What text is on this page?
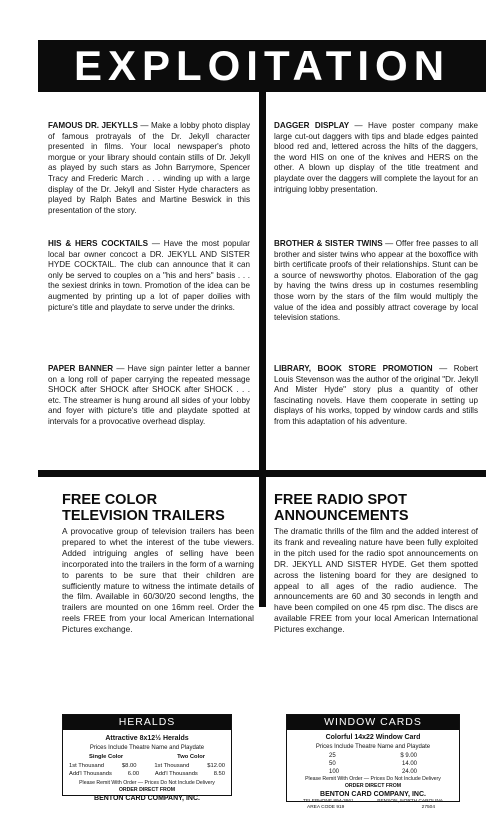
EXPLOITATION
FAMOUS DR. JEKYLLS — Make a lobby photo display of famous protrayals of the Dr. Jekyll character presented in films. Your local newspaper's photo morgue or your library should contain stills of Dr. Jekyll as played by such stars as John Barrymore, Spencer Tracy and Frederic March . . . winding up with a large display of the Dr. Jekyll and Sister Hyde characters as played by Ralph Bates and Martine Beswick in this presentation of the story.
HIS & HERS COCKTAILS — Have the most popular local bar owner concoct a DR. JEKYLL AND SISTER HYDE COCKTAIL. The club can announce that it can only be served to couples on a "his and hers" basis . . . the sexiest drinks in town. Promotion of the idea can be augmented by printing up a lot of paper doilies with picture's title and playdate to serve under the drinks.
PAPER BANNER — Have sign painter letter a banner on a long roll of paper carrying the repeated message SHOCK after SHOCK after SHOCK after SHOCK . . . etc. The streamer is hung around all sides of your lobby and foyer with picture's title and playdate spotted at intervals for a provocative overhead display.
DAGGER DISPLAY — Have poster company make large cut-out daggers with tips and blade edges painted blood red and, lettered across the hilts of the daggers, the word HIS on one of the knives and HERS on the other. A blown up display of the title treatment and playdate over the daggers will complete the layout for an intriguing lobby presentation.
BROTHER & SISTER TWINS — Offer free passes to all brother and sister twins who appear at the boxoffice with birth certificate proofs of their relationships. Stunt can be a source of newsworthy photos. Elaboration of the gag by having the twins dress up in costumes resembling those worn by the stars of the film would multiply the value of the idea and possibly attract coverage by local television stations.
LIBRARY, BOOK STORE PROMOTION — Robert Louis Stevenson was the author of the original "Dr. Jekyll And Mister Hyde" story plus a quantity of other fascinating novels. Have them cooperate in setting up displays of his works, topped by window cards and stills from this adaptation of his adventure.
FREE COLOR
TELEVISION TRAILERS
A provocative group of television trailers has been prepared to whet the interest of the tube viewers. Added intriguing angles of selling have been incorporated into the trailers in the form of a warning to parents to be sure that their children are sufficiently mature to witness the intimate details of the film. Available in 60/30/20 second lengths, the trailers are mounted on one 16mm reel. Order the reels FREE from your local American International Pictures exchange.
FREE RADIO SPOT
ANNOUNCEMENTS
The dramatic thrills of the film and the added interest of its frank and revealing nature have been fully exploited in the pitch used for the radio spot announcements on DR. JEKYLL AND SISTER HYDE. Get them spotted across the listening board for they are designed to appeal to all ages of the radio audience. The announcements are 60 and 30 seconds in length and have been compiled on one 45 rpm disc. The discs are available FREE from your local American International Pictures exchange.
HERALDS
Attractive 8x12½ Heralds
Prices Include Theatre Name and Playdate
Single Color	Two Color
1st Thousand	$8.00	1st Thousand	$12.00
Add'l Thousands	6.00	Add'l Thousands	8.50
Please Remit With Order — Prices Do Not Include Delivery
ORDER DIRECT FROM
BENTON CARD COMPANY, INC.
WINDOW CARDS
Colorful 14x22 Window Card
Prices Include Theatre Name and Playdate
25	$ 9.00
50	14.00
100	24.00
Please Remit With Order — Prices Do Not Include Delivery
ORDER DIRECT FROM
BENTON CARD COMPANY, INC.
TELEPHONE 894-3661	BENSON, NORTH CAROLINA
AREA CODE 919	27504
